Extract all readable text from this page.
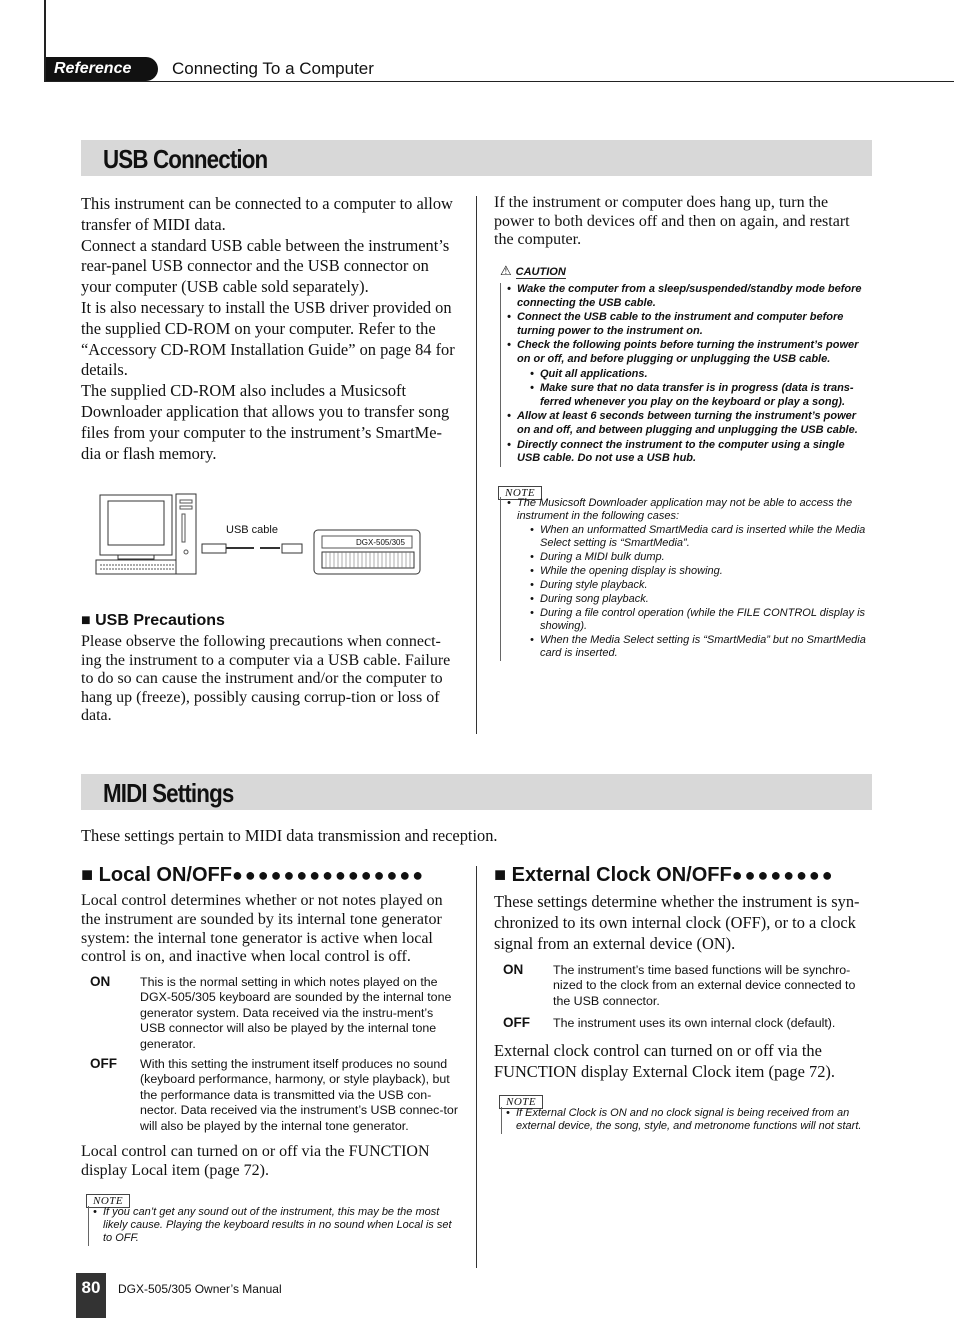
Reference	Connecting To a Computer
USB Connection

This instrument can be connected to a computer to allow transfer of MIDI data.

Connect a standard USB cable between the instrument’s rear-panel USB connector and the USB connector on your computer (USB cable sold separately).

It is also necessary to install the USB driver provided on the supplied CD-ROM on your computer. Refer to the “Accessory CD-ROM Installation Guide” on page 84 for details.

The supplied CD-ROM also includes a Musicsoft Downloader application that allows you to transfer song files from your computer to the instrument’s SmartMe-dia or flash memory.

USB cable
DGX-505/305
■ USB Precautions
Please observe the following precautions when connect-ing the instrument to a computer via a USB cable. Failure to do so can cause the instrument and/or the computer to hang up (freeze), possibly causing corrup-tion or loss of data.
If the instrument or computer does hang up, turn the power to both devices off and then on again, and restart the computer.
⚠ CAUTION

• Wake the computer from a sleep/suspended/standby mode before connecting the USB cable.

• Connect the USB cable to the instrument and computer before turning power to the instrument on.

• Check the following points before turning the instrument’s power on or off, and before plugging or unplugging the USB cable.

• Quit all applications.

• Make sure that no data transfer is in progress (data is trans-ferred whenever you play on the keyboard or play a song).

• Allow at least 6 seconds between turning the instrument’s power on and off, and between plugging and unplugging the USB cable.

• Directly connect the instrument to the computer using a single USB cable. Do not use a USB hub.

NOTE

• The Musicsoft Downloader application may not be able to access the instrument in the following cases:

• When an unformatted SmartMedia card is inserted while the Media Select setting is “SmartMedia”.

• During a MIDI bulk dump.

• While the opening display is showing.

• During style playback.

• During song playback.

• During a file control operation (while the FILE CONTROL display is showing).

• When the Media Select setting is “SmartMedia” but no SmartMedia card is inserted.

MIDI Settings
These settings pertain to MIDI data transmission and reception.
■ Local ON/OFF●●●●●●●●●●●●●●●
Local control determines whether or not notes played on the instrument are sounded by its internal tone generator system: the internal tone generator is active when local control is on, and inactive when local control is off.
ON This is the normal setting in which notes played on the DGX-505/305 keyboard are sounded by the internal tone generator system. Data received via the instru-ment’s USB connector will also be played by the internal tone generator.
OFF With this setting the instrument itself produces no sound (keyboard performance, harmony, or style playback), but the performance data is transmitted via the USB con-nector. Data received via the instrument’s USB connec-tor will also be played by the internal tone generator.
Local control can turned on or off via the FUNCTION display Local item (page 72).
NOTE

• If you can’t get any sound out of the instrument, this may be the most likely cause. Playing the keyboard results in no sound when Local is set to OFF.

■ External Clock ON/OFF●●●●●●●●
These settings determine whether the instrument is syn-chronized to its own internal clock (OFF), or to a clock signal from an external device (ON).
ON The instrument’s time based functions will be synchro-nized to the clock from an external device connected to the USB connector.
OFF The instrument uses its own internal clock (default).
External clock control can turned on or off via the FUNCTION display External Clock item (page 72).
NOTE

• If External Clock is ON and no clock signal is being received from an external device, the song, style, and metronome functions will not start.

80	DGX-505/305 Owner’s Manual
